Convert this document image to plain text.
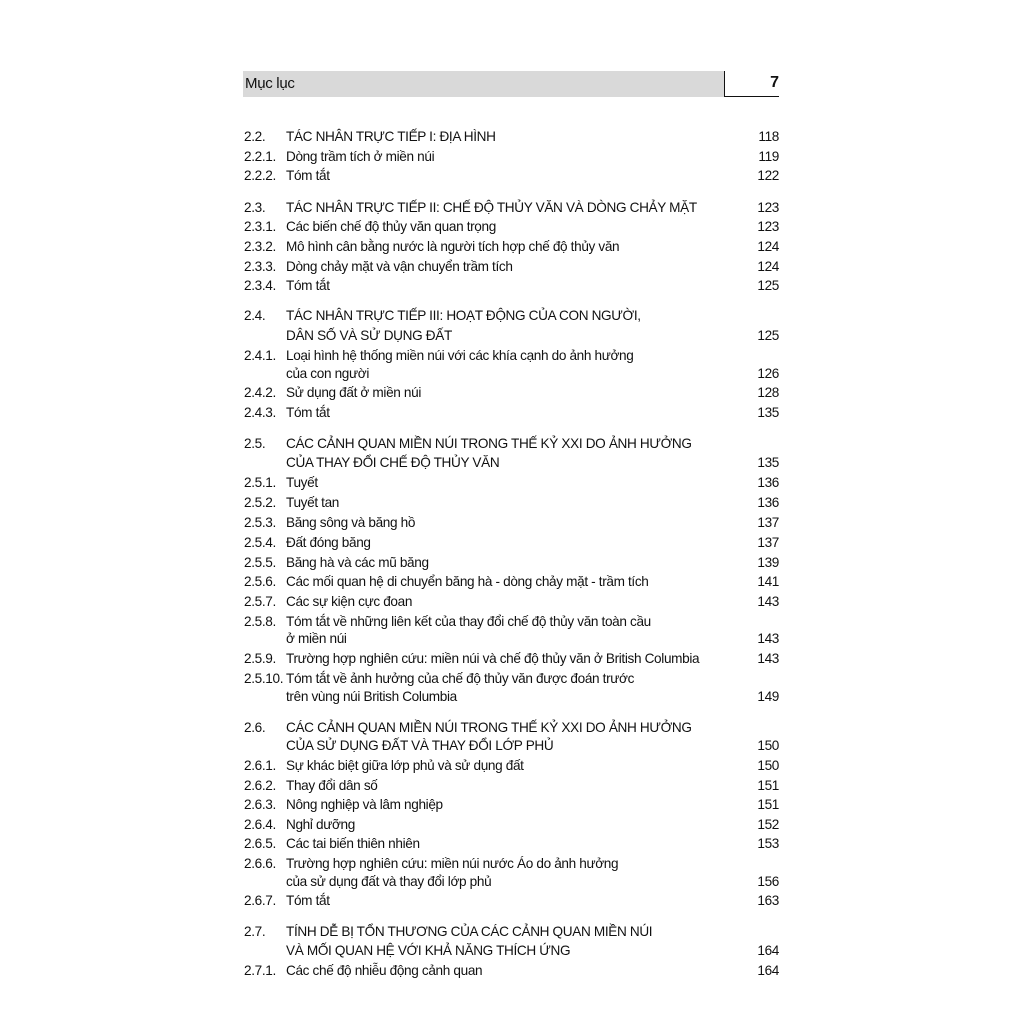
Mục lục	7
2.2. TÁC NHÂN TRỰC TIẾP I: ĐỊA HÌNH	118
2.2.1. Dòng trầm tích ở miền núi	119
2.2.2. Tóm tắt	122
2.3. TÁC NHÂN TRỰC TIẾP II: CHẾ ĐỘ THỦY VĂN VÀ DÒNG CHẢY MẶT	123
2.3.1. Các biến chế độ thủy văn quan trọng	123
2.3.2. Mô hình cân bằng nước là người tích hợp chế độ thủy văn	124
2.3.3. Dòng chảy mặt và vận chuyển trầm tích	124
2.3.4. Tóm tắt	125
2.4. TÁC NHÂN TRỰC TIẾP III: HOẠT ĐỘNG CỦA CON NGƯỜI,
DÂN SỐ VÀ SỬ DỤNG ĐẤT	125
2.4.1. Loại hình hệ thống miền núi với các khía cạnh do ảnh hưởng
của con người	126
2.4.2. Sử dụng đất ở miền núi	128
2.4.3. Tóm tắt	135
2.5. CÁC CẢNH QUAN MIỀN NÚI TRONG THẾ KỶ XXI DO ẢNH HƯỞNG
CỦA THAY ĐỔI CHẾ ĐỘ THỦY VĂN	135
2.5.1. Tuyết	136
2.5.2. Tuyết tan	136
2.5.3. Băng sông và băng hồ	137
2.5.4. Đất đóng băng	137
2.5.5. Băng hà và các mũ băng	139
2.5.6. Các mối quan hệ di chuyển băng hà - dòng chảy mặt - trầm tích	141
2.5.7. Các sự kiện cực đoan	143
2.5.8. Tóm tắt về những liên kết của thay đổi chế độ thủy văn toàn cầu
ở miền núi	143
2.5.9. Trường hợp nghiên cứu: miền núi và chế độ thủy văn ở British Columbia	143
2.5.10. Tóm tắt về ảnh hưởng của chế độ thủy văn được đoán trước
trên vùng núi British Columbia	149
2.6. CÁC CẢNH QUAN MIỀN NÚI TRONG THẾ KỶ XXI DO ẢNH HƯỞNG
CỦA SỬ DỤNG ĐẤT VÀ THAY ĐỔI LỚP PHỦ	150
2.6.1. Sự khác biệt giữa lớp phủ và sử dụng đất	150
2.6.2. Thay đổi dân số	151
2.6.3. Nông nghiệp và lâm nghiệp	151
2.6.4. Nghỉ dưỡng	152
2.6.5. Các tai biến thiên nhiên	153
2.6.6. Trường hợp nghiên cứu: miền núi nước Áo do ảnh hưởng
của sử dụng đất và thay đổi lớp phủ	156
2.6.7. Tóm tắt	163
2.7. TÍNH DỄ BỊ TỔN THƯƠNG CỦA CÁC CẢNH QUAN MIỀN NÚI
VÀ MỐI QUAN HỆ VỚI KHẢ NĂNG THÍCH ỨNG	164
2.7.1. Các chế độ nhiễu động cảnh quan	164
